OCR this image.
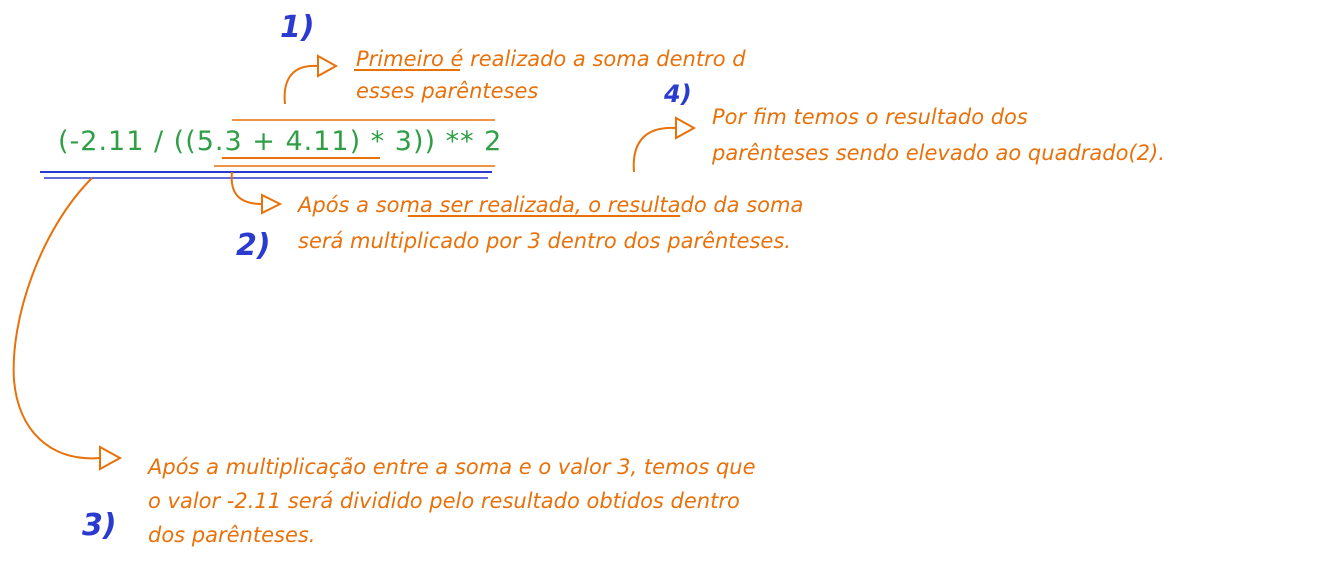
1)
2)
3)
4)
(-2.11 / ((5.3 + 4.11) * 3)) ** 2
Primeiro é realizado a soma dentro d
esses parênteses
Por fim temos o resultado dos
parênteses sendo elevado ao quadrado(2).
Após a soma ser realizada, o resultado da soma
será multiplicado por 3 dentro dos parênteses.
Após a multiplicação entre a soma e o valor 3, temos que
o valor -2.11 será dividido pelo resultado obtidos dentro
dos parênteses.
